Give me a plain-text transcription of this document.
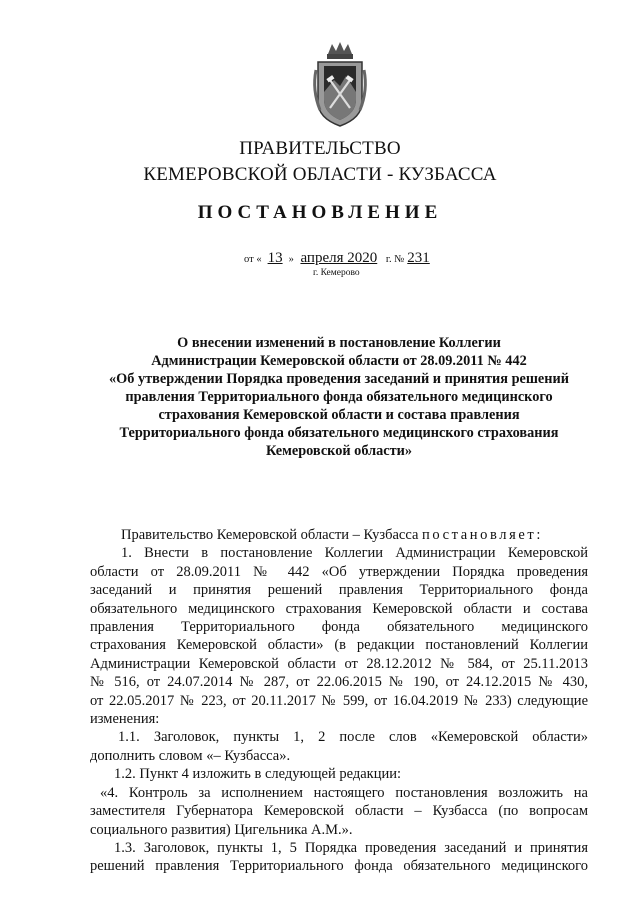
ПРАВИТЕЛЬСТВО
КЕМЕРОВСКОЙ ОБЛАСТИ - КУЗБАССА
ПОСТАНОВЛЕНИЕ
от « 13 » апреля 2020 г. № 231
г. Кемерово
О внесении изменений в постановление Коллегии
Администрации Кемеровской области от 28.09.2011 № 442
«Об утверждении Порядка проведения заседаний и принятия решений
правления Территориального фонда обязательного медицинского
страхования Кемеровской области и состава правления
Территориального фонда обязательного медицинского страхования
Кемеровской области»
Правительство Кемеровской области – Кузбасса постановляет:
1. Внести в постановление Коллегии Администрации Кемеровской
области от 28.09.2011 № 442 «Об утверждении Порядка проведения
заседаний и принятия решений правления Территориального фонда
обязательного медицинского страхования Кемеровской области и состава
правления Территориального фонда обязательного медицинского
страхования Кемеровской области» (в редакции постановлений Коллегии
Администрации Кемеровской области от 28.12.2012 № 584, от 25.11.2013
№ 516, от 24.07.2014 № 287, от 22.06.2015 № 190, от 24.12.2015 № 430,
от 22.05.2017 № 223, от 20.11.2017 № 599, от 16.04.2019 № 233) следующие
изменения:
1.1. Заголовок, пункты 1, 2 после слов «Кемеровской области»
дополнить словом «– Кузбасса».
1.2. Пункт 4 изложить в следующей редакции:
«4. Контроль за исполнением настоящего постановления возложить на
заместителя Губернатора Кемеровской области – Кузбасса (по вопросам
социального развития) Цигельника А.М.».
1.3. Заголовок, пункты 1, 5 Порядка проведения заседаний и принятия
решений правления Территориального фонда обязательного медицинского
